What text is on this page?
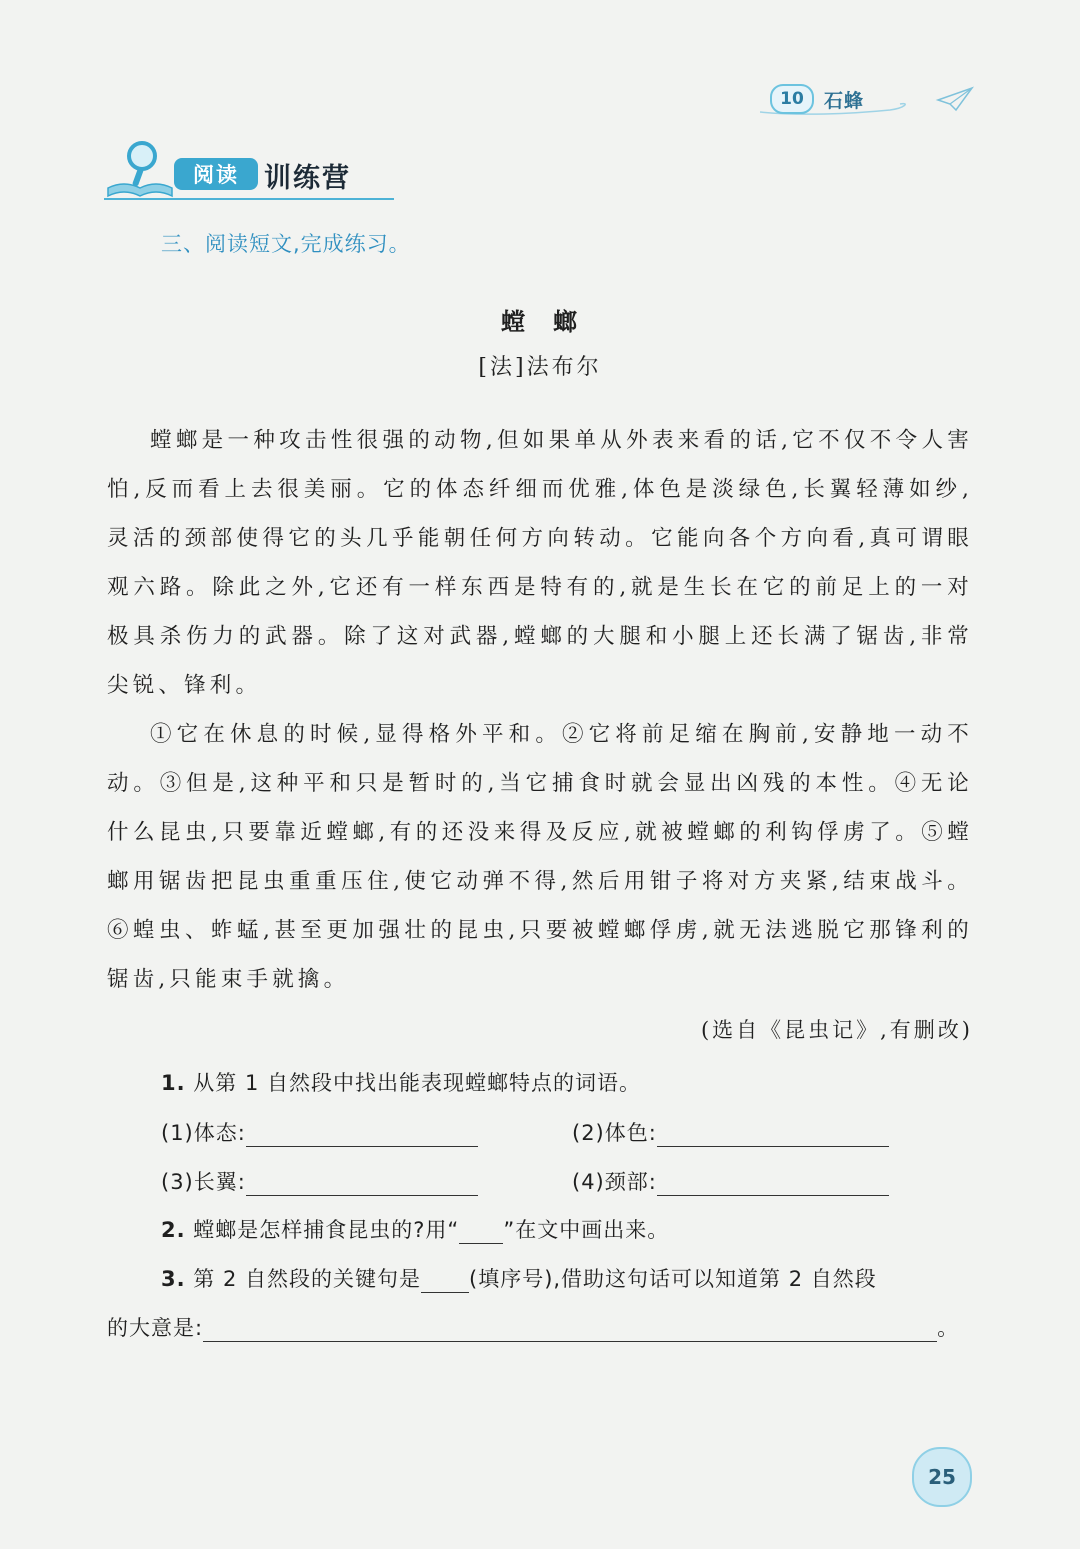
10	石蜂
阅读 训练营
三、阅读短文,完成练习。
螳　螂
[法]法布尔

螳螂是一种攻击性很强的动物,但如果单从外表来看的话,它不仅不令人害怕,反而看上去很美丽。它的体态纤细而优雅,体色是淡绿色,长翼轻薄如纱,灵活的颈部使得它的头几乎能朝任何方向转动。它能向各个方向看,真可谓眼观六路。除此之外,它还有一样东西是特有的,就是生长在它的前足上的一对极具杀伤力的武器。除了这对武器,螳螂的大腿和小腿上还长满了锯齿,非常尖锐、锋利。

①它在休息的时候,显得格外平和。②它将前足缩在胸前,安静地一动不动。③但是,这种平和只是暂时的,当它捕食时就会显出凶残的本性。④无论什么昆虫,只要靠近螳螂,有的还没来得及反应,就被螳螂的利钩俘虏了。⑤螳螂用锯齿把昆虫重重压住,使它动弹不得,然后用钳子将对方夹紧,结束战斗。⑥蝗虫、蚱蜢,甚至更加强壮的昆虫,只要被螳螂俘虏,就无法逃脱它那锋利的锯齿,只能束手就擒。

(选自《昆虫记》,有删改)
1. 从第 1 自然段中找出能表现螳螂特点的词语。
(1)体态:	(2)体色:
(3)长翼:	(4)颈部:
2. 螳螂是怎样捕食昆虫的?用“ ”在文中画出来。
3. 第 2 自然段的关键句是 (填序号),借助这句话可以知道第 2 自然段
的大意是:	。
25
